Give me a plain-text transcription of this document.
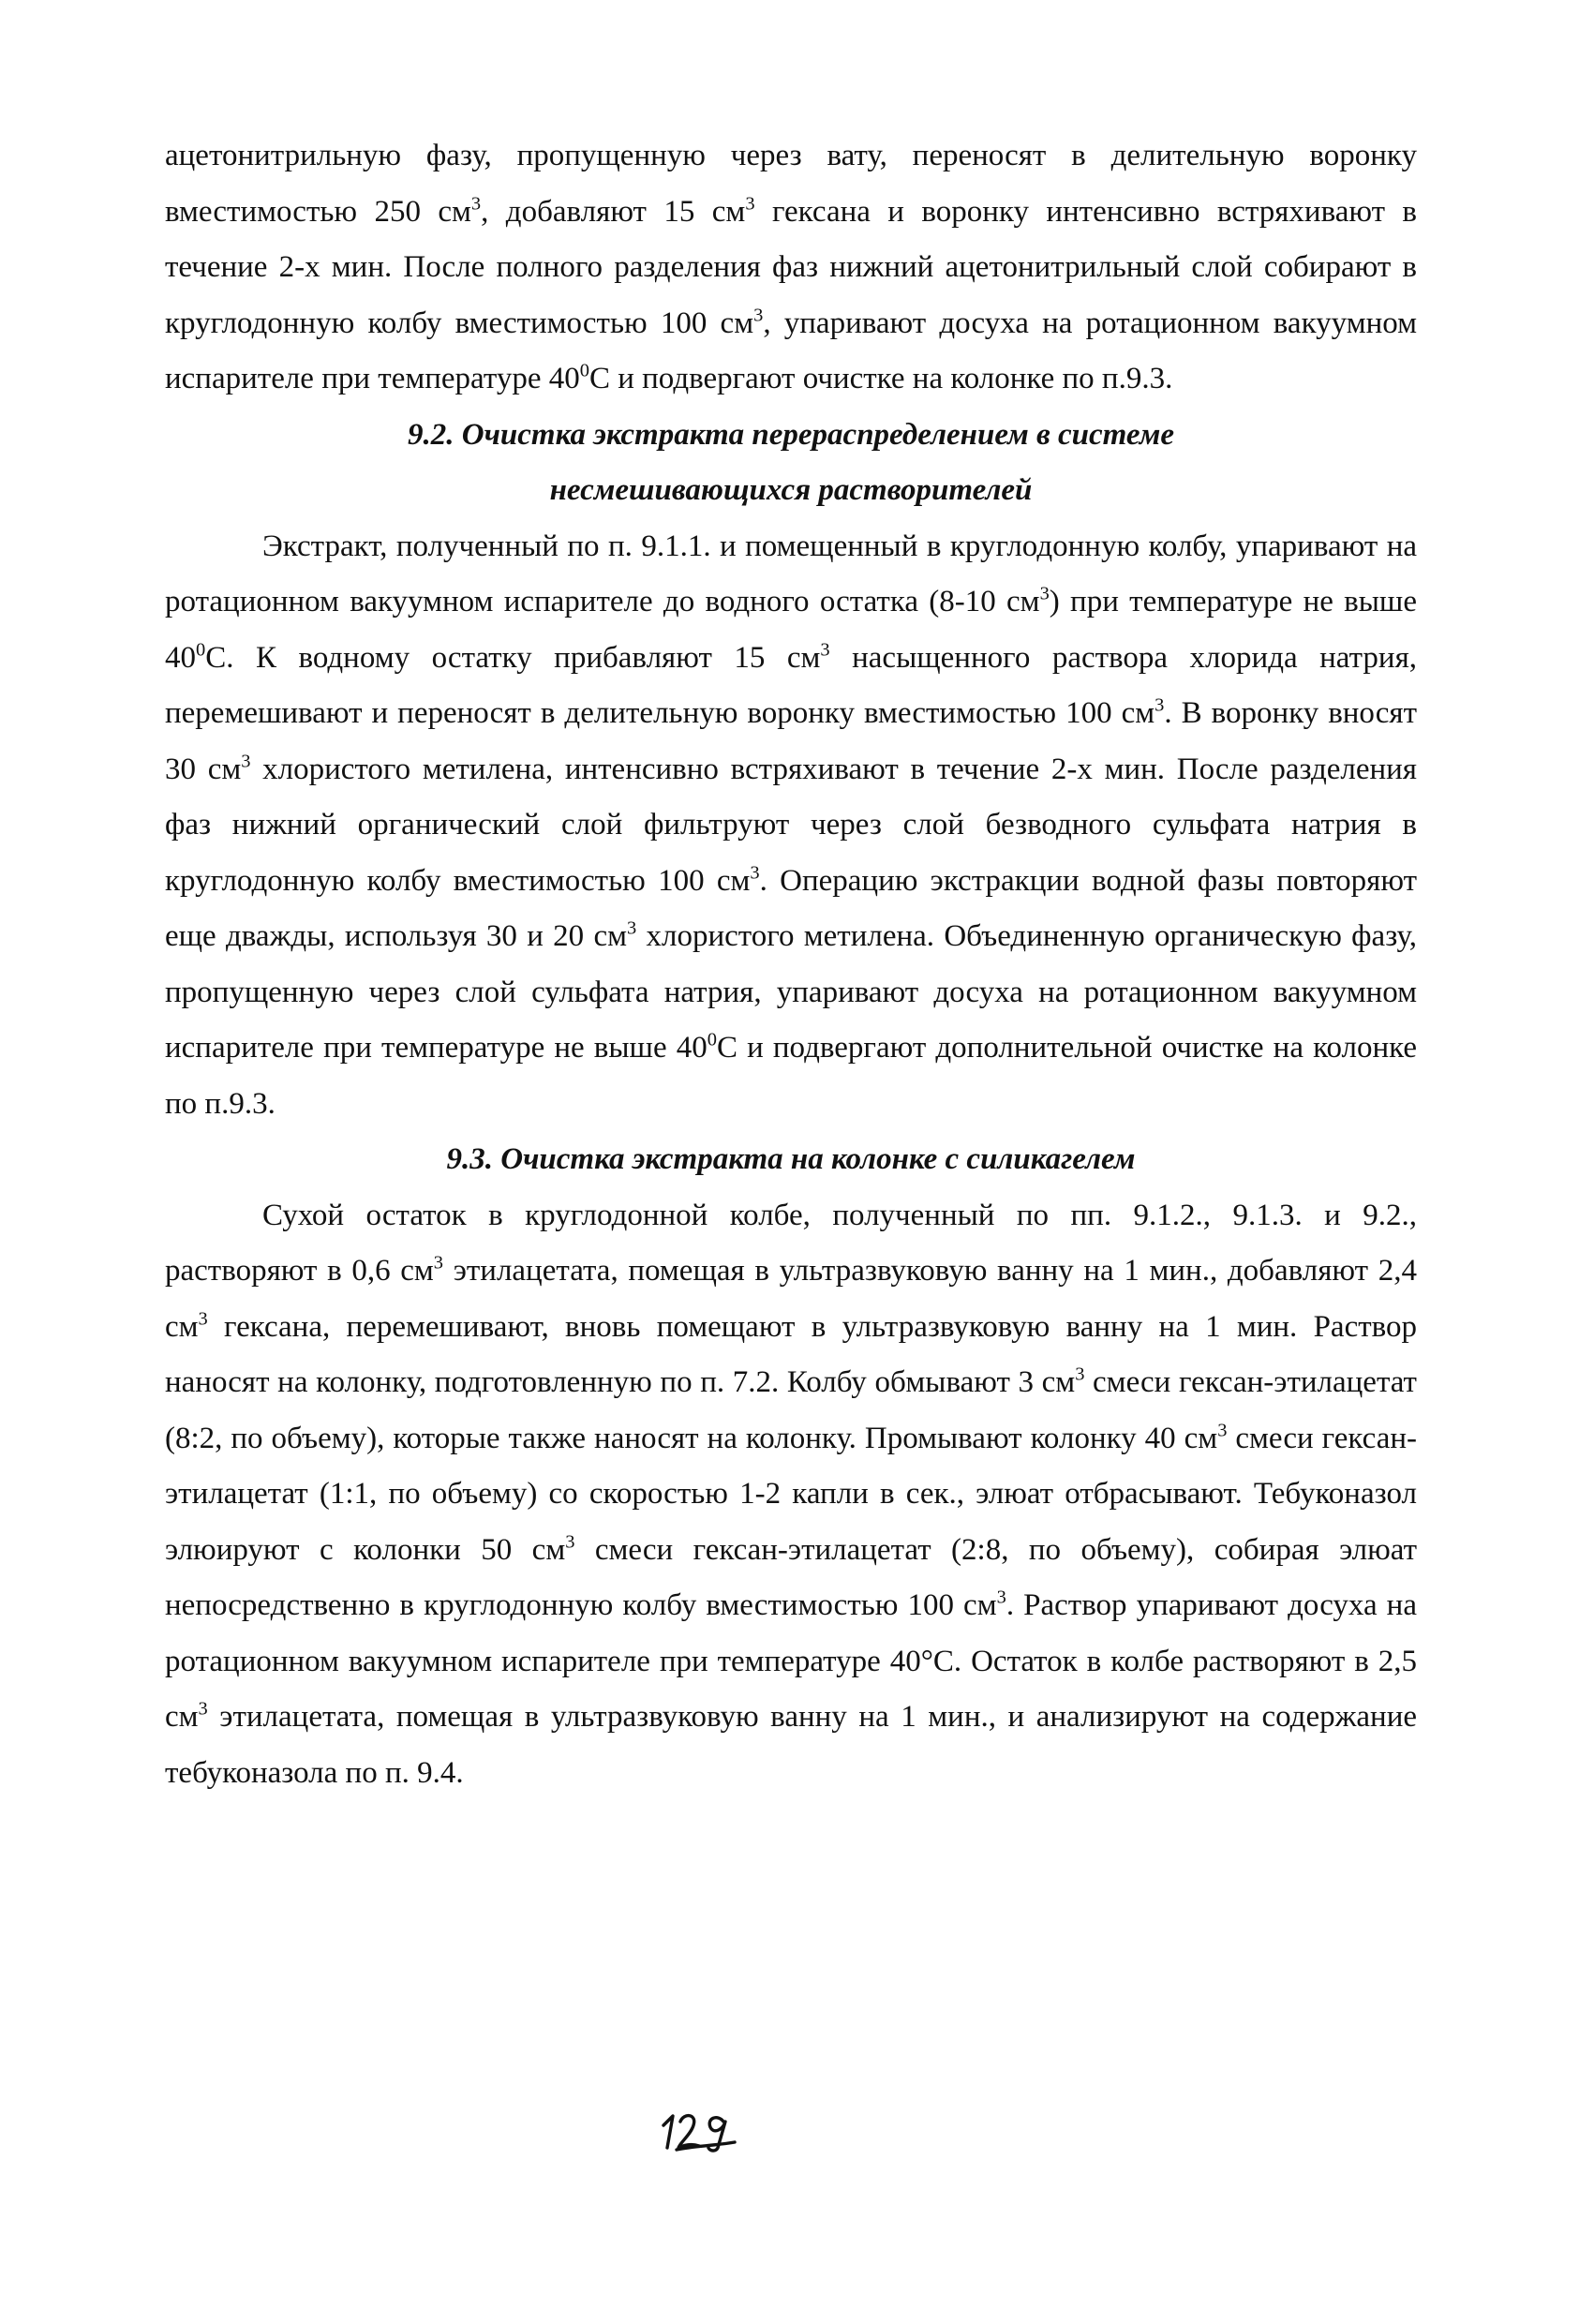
ацетонитрильную фазу, пропущенную через вату, переносят в делительную воронку вместимостью 250 $см^3$, добавляют 15 $см^3$ гексана и воронку интенсивно встряхивают в течение 2-х мин. После полного разделения фаз нижний ацетонитрильный слой собирают в круглодонную колбу вместимостью 100 $см^3$, упаривают досуха на ротационном вакуумном испарителе при температуре $40^0С$ и подвергают очистке на колонке по п.9.3.

9.2. Очистка экстракта перераспределением в системе несмешивающихся растворителей

Экстракт, полученный по п. 9.1.1. и помещенный в круглодонную колбу, упаривают на ротационном вакуумном испарителе до водного остатка (8-10 $см^3$) при температуре не выше $40^0С$. К водному остатку прибавляют 15 $см^3$ насыщенного раствора хлорида натрия, перемешивают и переносят в делительную воронку вместимостью 100 $см^3$. В воронку вносят 30 $см^3$ хлористого метилена, интенсивно встряхивают в течение 2-х мин. После разделения фаз нижний органический слой фильтруют через слой безводного сульфата натрия в круглодонную колбу вместимостью 100 $см^3$. Операцию экстракции водной фазы повторяют еще дважды, используя 30 и 20 $см^3$ хлористого метилена. Объединенную органическую фазу, пропущенную через слой сульфата натрия, упаривают досуха на ротационном вакуумном испарителе при температуре не выше $40^0С$ и подвергают дополнительной очистке на колонке по п.9.3.

9.3. Очистка экстракта на колонке с силикагелем

Сухой остаток в круглодонной колбе, полученный по пп. 9.1.2., 9.1.3. и 9.2., растворяют в 0,6 $см^3$ этилацетата, помещая в ультразвуковую ванну на 1 мин., добавляют 2,4 $см^3$ гексана, перемешивают, вновь помещают в ультразвуковую ванну на 1 мин. Раствор наносят на колонку, подготовленную по п. 7.2. Колбу обмывают 3 $см^3$ смеси гексан-этилацетат (8:2, по объему), которые также наносят на колонку. Промывают колонку 40 $см^3$ смеси гексан-этилацетат (1:1, по объему) со скоростью 1-2 капли в сек., элюат отбрасывают. Тебуконазол элюируют с колонки 50 $см^3$ смеси гексан-этилацетат (2:8, по объему), собирая элюат непосредственно в круглодонную колбу вместимостью 100 $см^3$. Раствор упаривают досуха на ротационном вакуумном испарителе при температуре 40°С. Остаток в колбе растворяют в 2,5 $см^3$ этилацетата, помещая в ультразвуковую ванну на 1 мин., и анализируют на содержание тебуконазола по п. 9.4.
